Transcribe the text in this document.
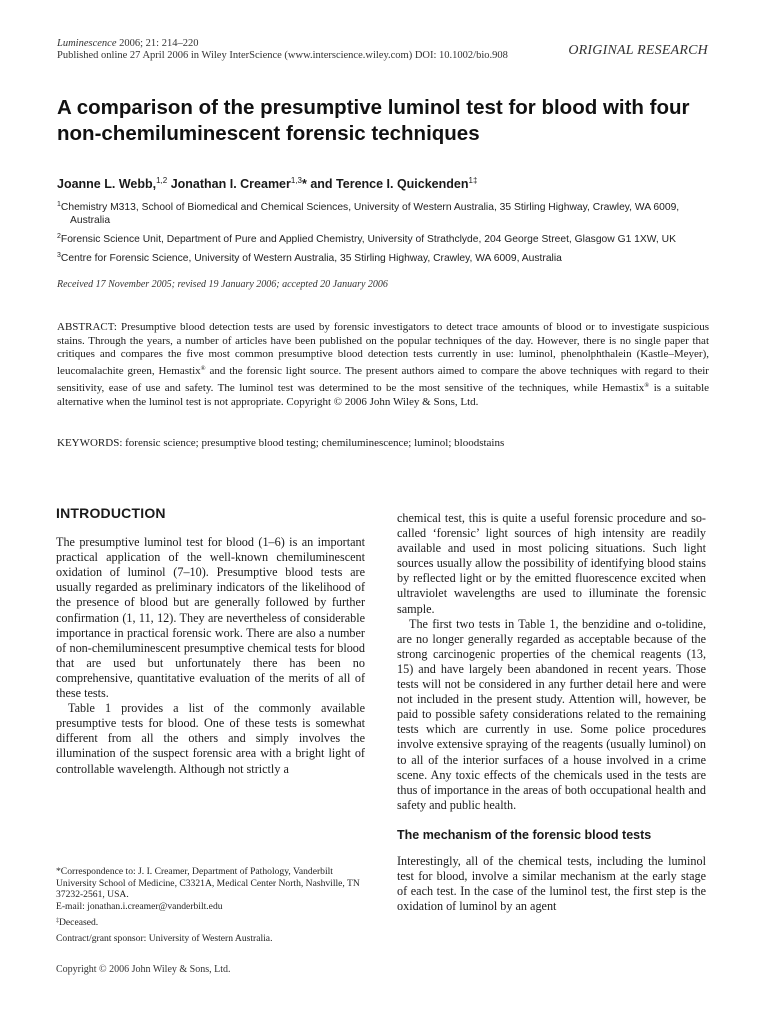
Luminescence 2006; 21: 214–220
Published online 27 April 2006 in Wiley InterScience (www.interscience.wiley.com) DOI: 10.1002/bio.908	ORIGINAL RESEARCH
A comparison of the presumptive luminol test for blood with four non-chemiluminescent forensic techniques
Joanne L. Webb,$^{1,2}$ Jonathan I. Creamer$^{1,3}$* and Terence I. Quickenden$^{1\ddagger}$
$^1$Chemistry M313, School of Biomedical and Chemical Sciences, University of Western Australia, 35 Stirling Highway, Crawley, WA 6009, Australia
$^2$Forensic Science Unit, Department of Pure and Applied Chemistry, University of Strathclyde, 204 George Street, Glasgow G1 1XW, UK
$^3$Centre for Forensic Science, University of Western Australia, 35 Stirling Highway, Crawley, WA 6009, Australia
Received 17 November 2005; revised 19 January 2006; accepted 20 January 2006
ABSTRACT: Presumptive blood detection tests are used by forensic investigators to detect trace amounts of blood or to investigate suspicious stains. Through the years, a number of articles have been published on the popular techniques of the day. However, there is no single paper that critiques and compares the five most common presumptive blood detection tests currently in use: luminol, phenolphthalein (Kastle–Meyer), leucomalachite green, Hemastix® and the forensic light source. The present authors aimed to compare the above techniques with regard to their sensitivity, ease of use and safety. The luminol test was determined to be the most sensitive of the techniques, while Hemastix® is a suitable alternative when the luminol test is not appropriate. Copyright © 2006 John Wiley & Sons, Ltd.
KEYWORDS: forensic science; presumptive blood testing; chemiluminescence; luminol; bloodstains
INTRODUCTION

The presumptive luminol test for blood (1–6) is an important practical application of the well-known chemiluminescent oxidation of luminol (7–10). Presumptive blood tests are usually regarded as preliminary indicators of the likelihood of the presence of blood but are generally followed by further confirmation (1, 11, 12). They are nevertheless of considerable importance in practical forensic work. There are also a number of non-chemiluminescent presumptive chemical tests for blood that are used but unfortunately there has been no comprehensive, quantitative evaluation of the merits of all of these tests.

Table 1 provides a list of the commonly available presumptive tests for blood. One of these tests is somewhat different from all the others and simply involves the illumination of the suspect forensic area with a bright light of controllable wavelength. Although not strictly a

chemical test, this is quite a useful forensic procedure and so-called ‘forensic’ light sources of high intensity are readily available and used in most policing situations. Such light sources usually allow the possibility of identifying blood stains by reflected light or by the emitted fluorescence excited when ultraviolet wavelengths are used to illuminate the forensic sample.

The first two tests in Table 1, the benzidine and o-tolidine, are no longer generally regarded as acceptable because of the strong carcinogenic properties of the chemical reagents (13, 15) and have largely been abandoned in recent years. Those tests will not be considered in any further detail here and were not included in the present study. Attention will, however, be paid to possible safety considerations related to the remaining tests which are currently in use. Some police procedures involve extensive spraying of the reagents (usually luminol) on to all of the interior surfaces of a house involved in a crime scene. Any toxic effects of the chemicals used in the tests are thus of importance in the areas of both occupational health and safety and public health.

The mechanism of the forensic blood tests

Interestingly, all of the chemical tests, including the luminol test for blood, involve a similar mechanism at the early stage of each test. In the case of the luminol test, the first step is the oxidation of luminol by an agent

*Correspondence to: J. I. Creamer, Department of Pathology, Vanderbilt University School of Medicine, C3321A, Medical Center North, Nashville, TN 37232-2561, USA.
E-mail: jonathan.i.creamer@vanderbilt.edu
‡Deceased.
Contract/grant sponsor: University of Western Australia.
Copyright © 2006 John Wiley & Sons, Ltd.
